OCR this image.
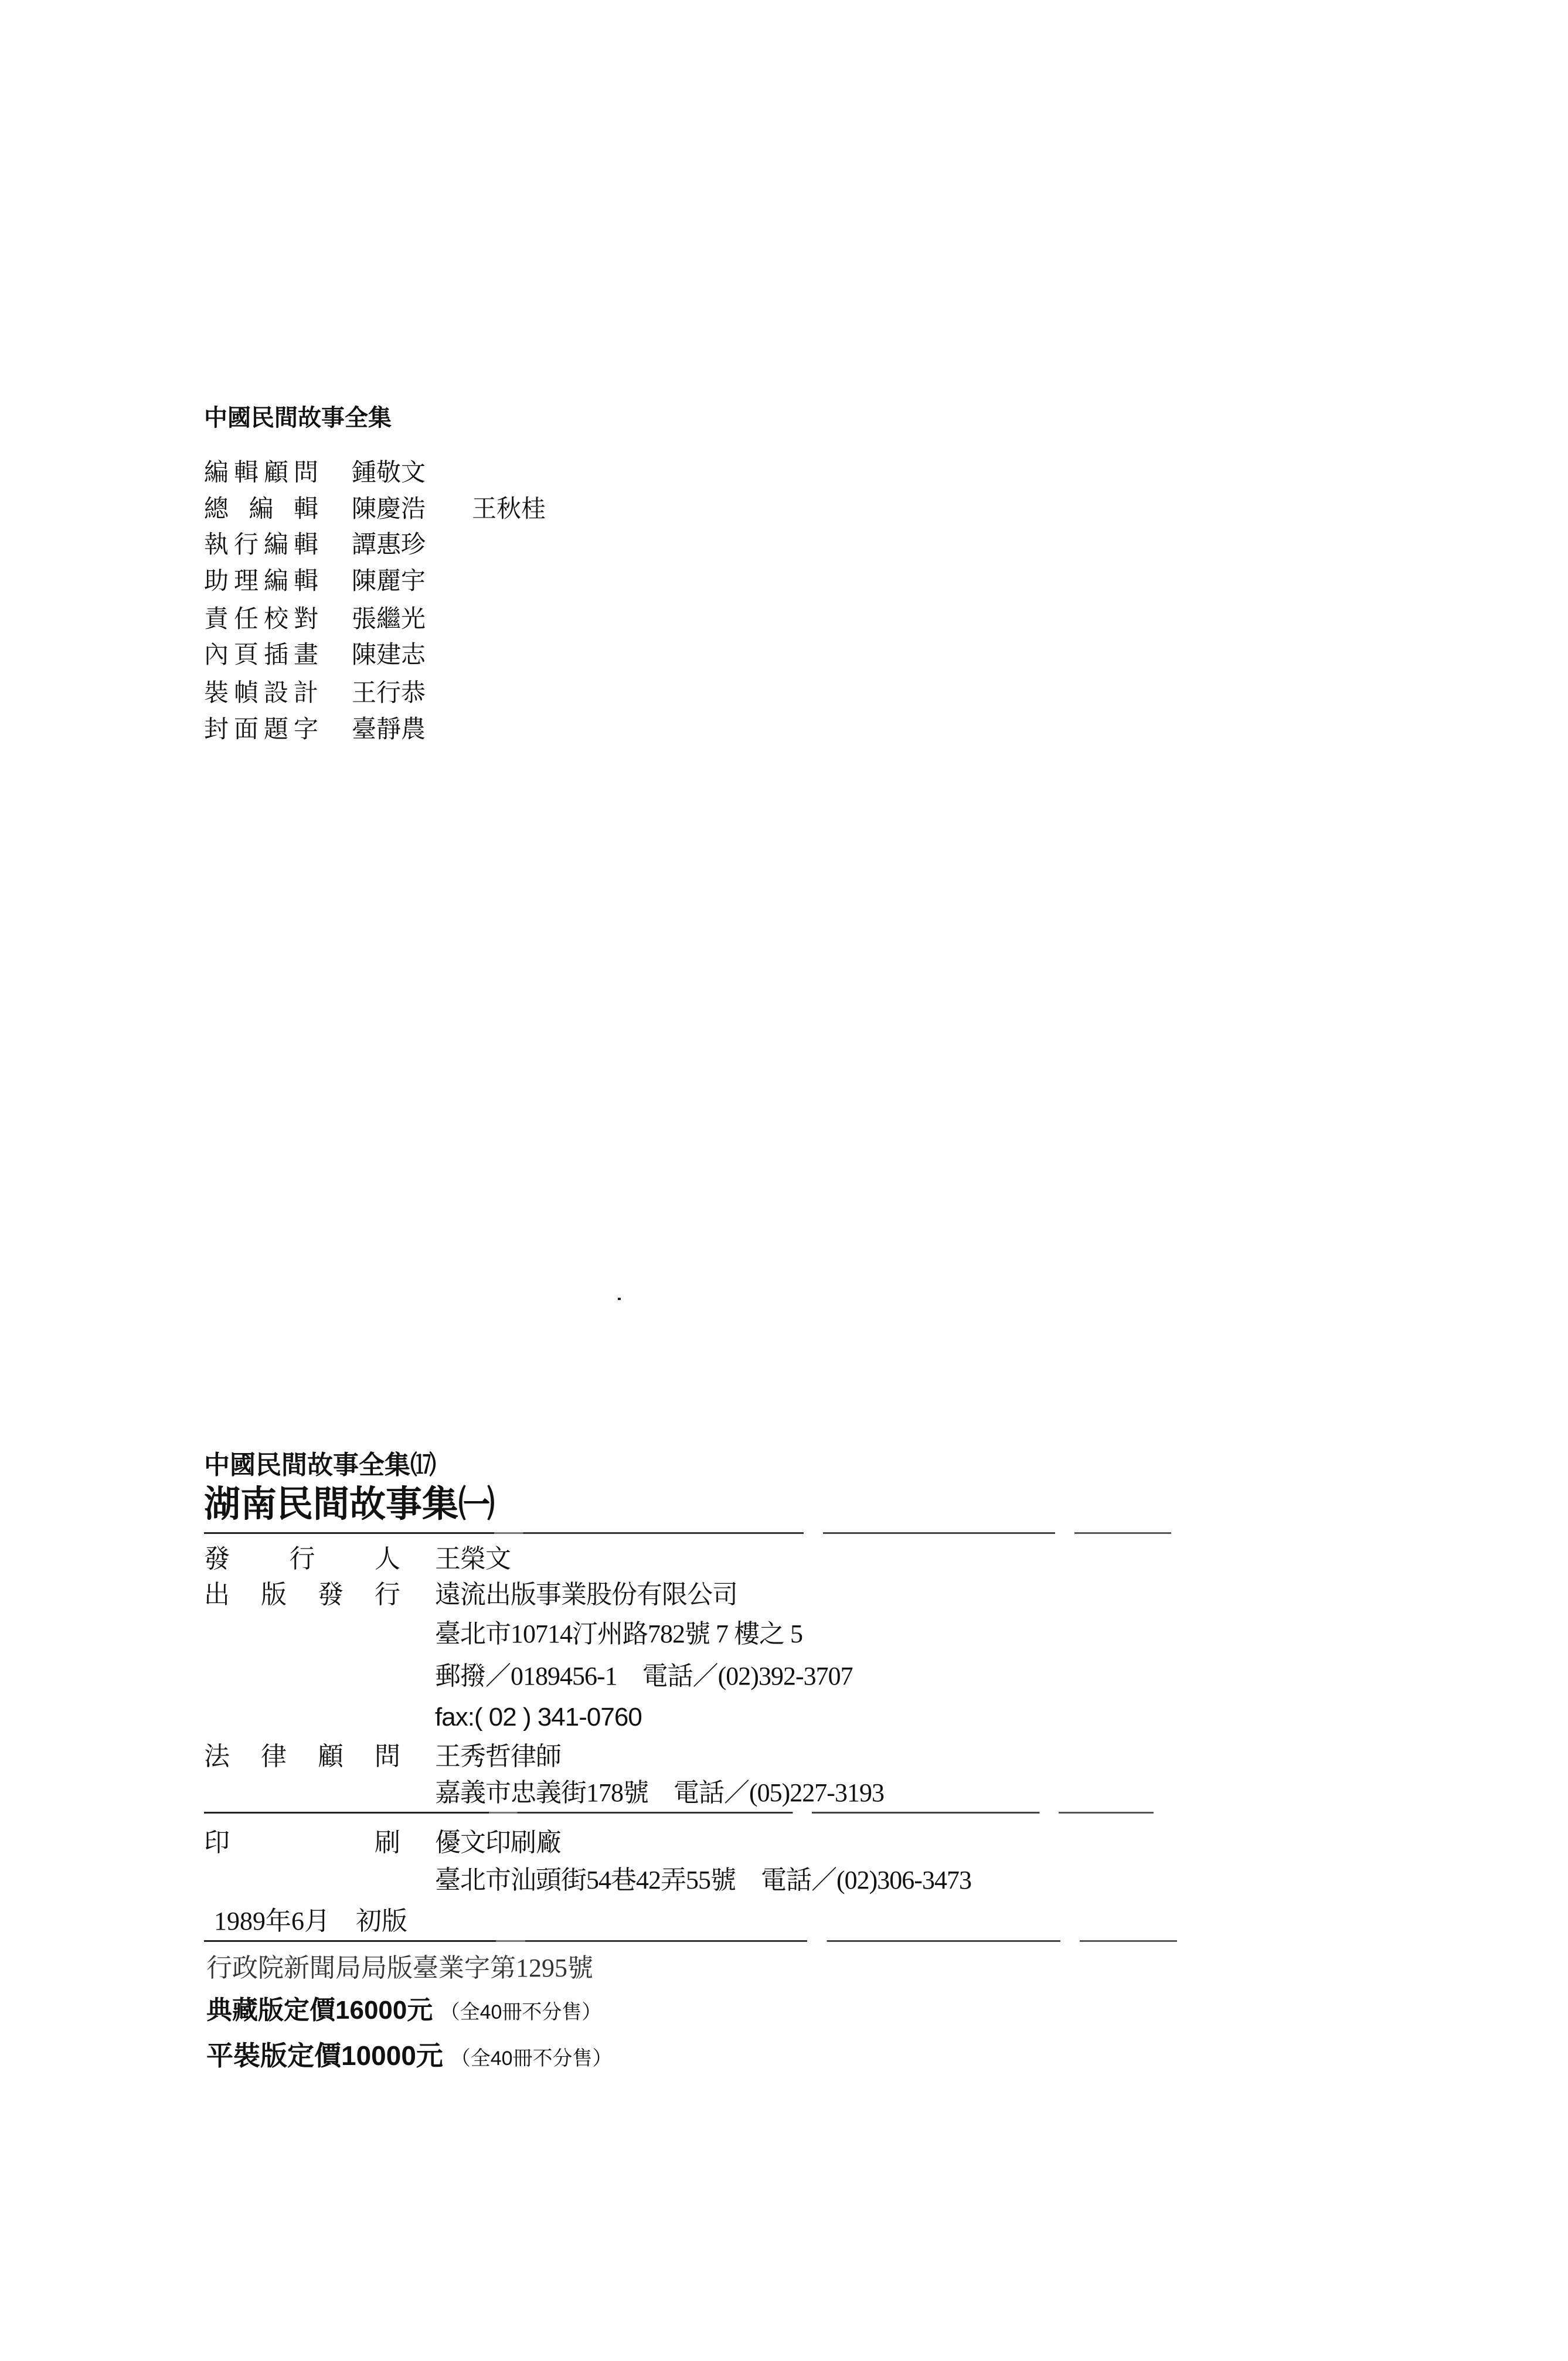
中國民間故事全集
編輯顧問 鍾敬文
總 編 輯 陳慶浩 王秋桂
執行編輯 譚惠珍
助理編輯 陳麗宇
責任校對 張繼光
內頁插畫 陳建志
裝幀設計 王行恭
封面題字 臺靜農
中國民間故事全集⒄
湖南民間故事集㈠
發 行 人 王榮文
出 版 發 行 遠流出版事業股份有限公司
臺北市10714汀州路782號 7 樓之 5
郵撥／0189456-1　電話／(02)392-3707
fax:( 02 ) 341-0760
法 律 顧 問 王秀哲律師
嘉義市忠義街178號　電話／(05)227-3193
印 刷 優文印刷廠
臺北市汕頭街54巷42弄55號　電話／(02)306-3473
1989年6月　初版
行政院新聞局局版臺業字第1295號
典藏版定價16000元 （全40冊不分售）
平裝版定價10000元 （全40冊不分售）
